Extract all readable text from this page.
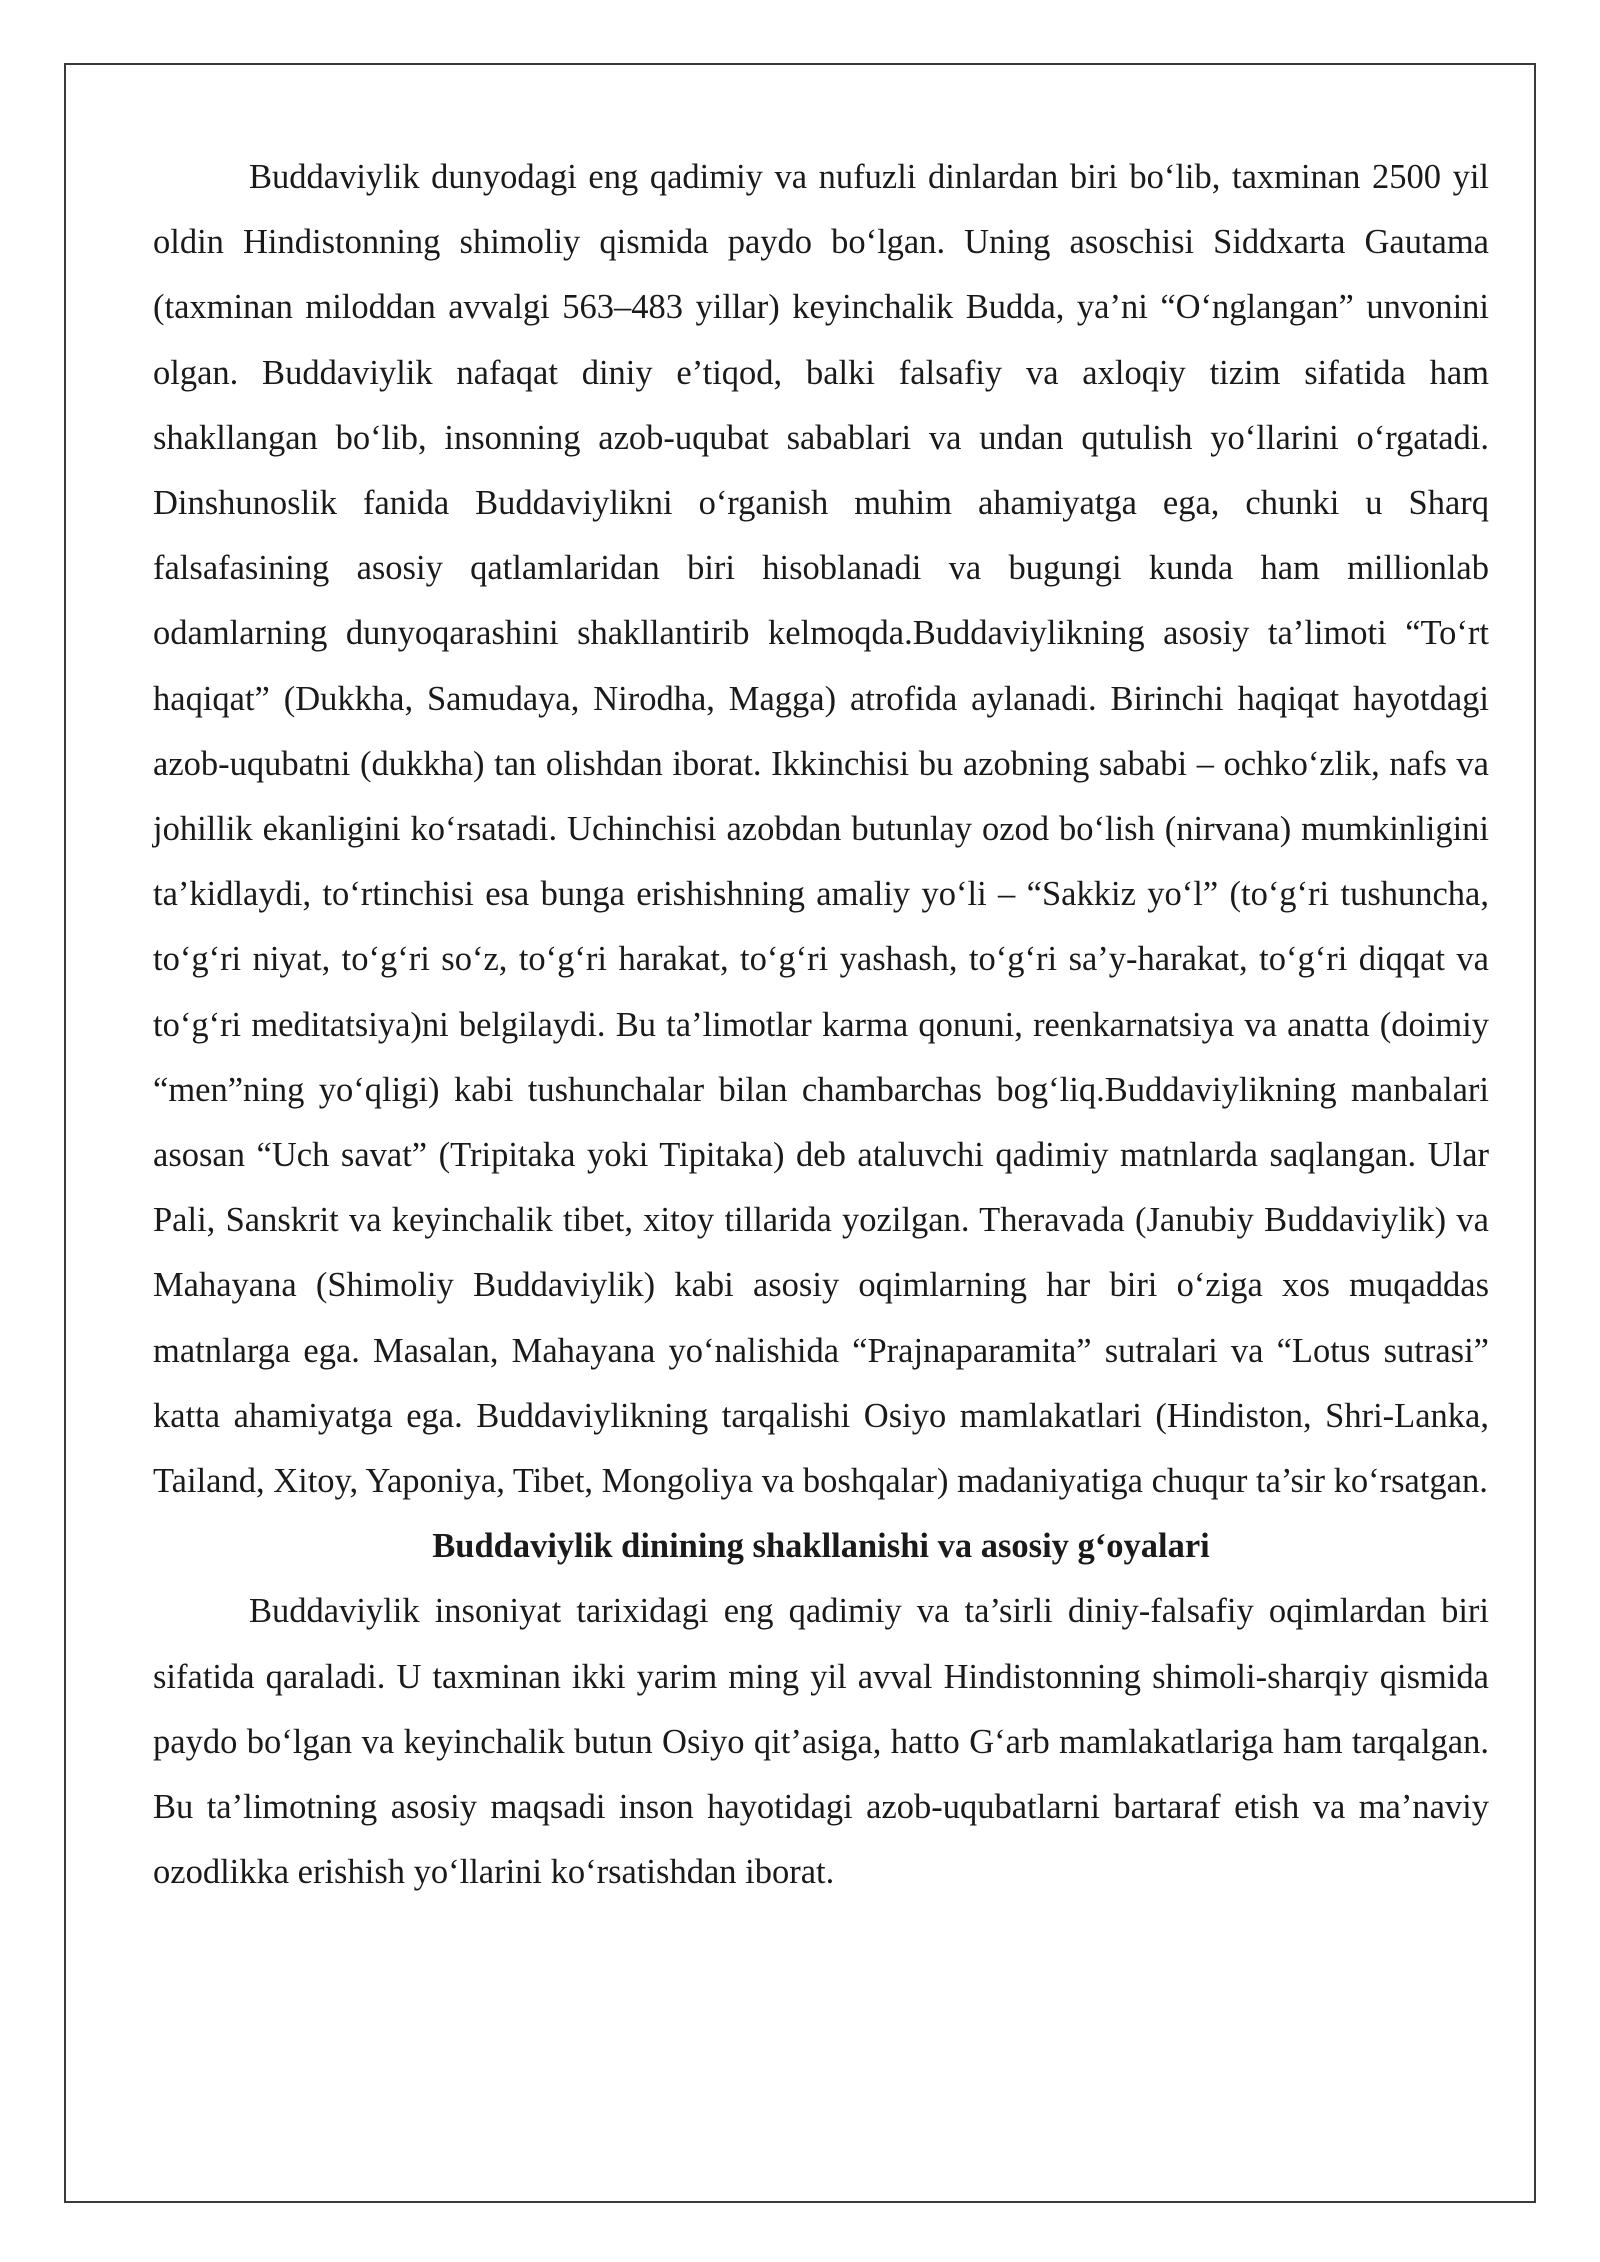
Buddaviylik dunyodagi eng qadimiy va nufuzli dinlardan biri bo‘lib, taxminan 2500 yil oldin Hindistonning shimoliy qismida paydo bo‘lgan. Uning asoschisi Siddxarta Gautama (taxminan miloddan avvalgi 563–483 yillar) keyinchalik Budda, ya’ni “O‘nglangan” unvonini olgan. Buddaviylik nafaqat diniy e’tiqod, balki falsafiy va axloqiy tizim sifatida ham shakllangan bo‘lib, insonning azob-uqubat sabablari va undan qutulish yo‘llarini o‘rgatadi. Dinshunoslik fanida Buddaviylikni o‘rganish muhim ahamiyatga ega, chunki u Sharq falsafasining asosiy qatlamlaridan biri hisoblanadi va bugungi kunda ham millionlab odamlarning dunyoqarashini shakllantirib kelmoqda.Buddaviylikning asosiy ta’limoti “To‘rt haqiqat” (Dukkha, Samudaya, Nirodha, Magga) atrofida aylanadi. Birinchi haqiqat hayotdagi azob-uqubatni (dukkha) tan olishdan iborat. Ikkinchisi bu azobning sababi – ochko‘zlik, nafs va johillik ekanligini ko‘rsatadi. Uchinchisi azobdan butunlay ozod bo‘lish (nirvana) mumkinligini ta’kidlaydi, to‘rtinchisi esa bunga erishishning amaliy yo‘li – “Sakkiz yo‘l” (to‘g‘ri tushuncha, to‘g‘ri niyat, to‘g‘ri so‘z, to‘g‘ri harakat, to‘g‘ri yashash, to‘g‘ri sa’y-harakat, to‘g‘ri diqqat va to‘g‘ri meditatsiya)ni belgilaydi. Bu ta’limotlar karma qonuni, reenkarnatsiya va anatta (doimiy “men”ning yo‘qligi) kabi tushunchalar bilan chambarchas bog‘liq.Buddaviylikning manbalari asosan “Uch savat” (Tripitaka yoki Tipitaka) deb ataluvchi qadimiy matnlarda saqlangan. Ular Pali, Sanskrit va keyinchalik tibet, xitoy tillarida yozilgan. Theravada (Janubiy Buddaviylik) va Mahayana (Shimoliy Buddaviylik) kabi asosiy oqimlarning har biri o‘ziga xos muqaddas matnlarga ega. Masalan, Mahayana yo‘nalishida “Prajnaparamita” sutralari va “Lotus sutrasi” katta ahamiyatga ega. Buddaviylikning tarqalishi Osiyo mamlakatlari (Hindiston, Shri-Lanka, Tailand, Xitoy, Yaponiya, Tibet, Mongoliya va boshqalar) madaniyatiga chuqur ta’sir ko‘rsatgan.

Buddaviylik dinining shakllanishi va asosiy g‘oyalari

Buddaviylik insoniyat tarixidagi eng qadimiy va ta’sirli diniy-falsafiy oqimlardan biri sifatida qaraladi. U taxminan ikki yarim ming yil avval Hindistonning shimoli-sharqiy qismida paydo bo‘lgan va keyinchalik butun Osiyo qit’asiga, hatto G‘arb mamlakatlariga ham tarqalgan. Bu ta’limotning asosiy maqsadi inson hayotidagi azob-uqubatlarni bartaraf etish va ma’naviy ozodlikka erishish yo‘llarini ko‘rsatishdan iborat.
